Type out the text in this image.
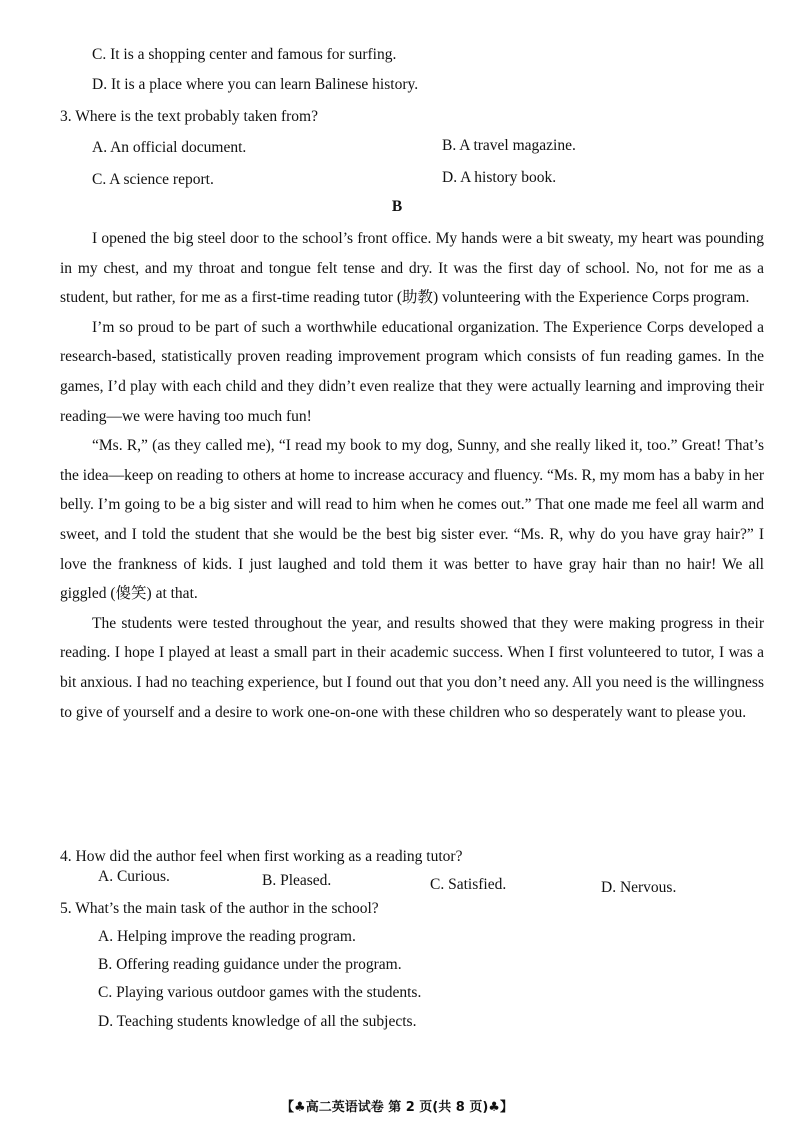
C. It is a shopping center and famous for surfing.
D. It is a place where you can learn Balinese history.
3. Where is the text probably taken from?
A. An official document.	B. A travel magazine.
C. A science report.	D. A history book.
B
I opened the big steel door to the school’s front office. My hands were a bit sweaty, my heart was pounding in my chest, and my throat and tongue felt tense and dry. It was the first day of school. No, not for me as a student, but rather, for me as a first-time reading tutor (助教) volunteering with the Experience Corps program.
I’m so proud to be part of such a worthwhile educational organization. The Experience Corps developed a research-based, statistically proven reading improvement program which consists of fun reading games. In the games, I’d play with each child and they didn’t even realize that they were actually learning and improving their reading—we were having too much fun!
“Ms. R,” (as they called me), “I read my book to my dog, Sunny, and she really liked it, too.” Great! That’s the idea—keep on reading to others at home to increase accuracy and fluency. “Ms. R, my mom has a baby in her belly. I’m going to be a big sister and will read to him when he comes out.” That one made me feel all warm and sweet, and I told the student that she would be the best big sister ever. “Ms. R, why do you have gray hair?” I love the frankness of kids. I just laughed and told them it was better to have gray hair than no hair! We all giggled (傻笑) at that.
The students were tested throughout the year, and results showed that they were making progress in their reading. I hope I played at least a small part in their academic success. When I first volunteered to tutor, I was a bit anxious. I had no teaching experience, but I found out that you don’t need any. All you need is the willingness to give of yourself and a desire to work one-on-one with these children who so desperately want to please you.
4. How did the author feel when first working as a reading tutor?
A. Curious.	B. Pleased.	C. Satisfied.	D. Nervous.
5. What’s the main task of the author in the school?
A. Helping improve the reading program.
B. Offering reading guidance under the program.
C. Playing various outdoor games with the students.
D. Teaching students knowledge of all the subjects.
【♣高二英语试卷 第 2 页(共 8 页)♣】
